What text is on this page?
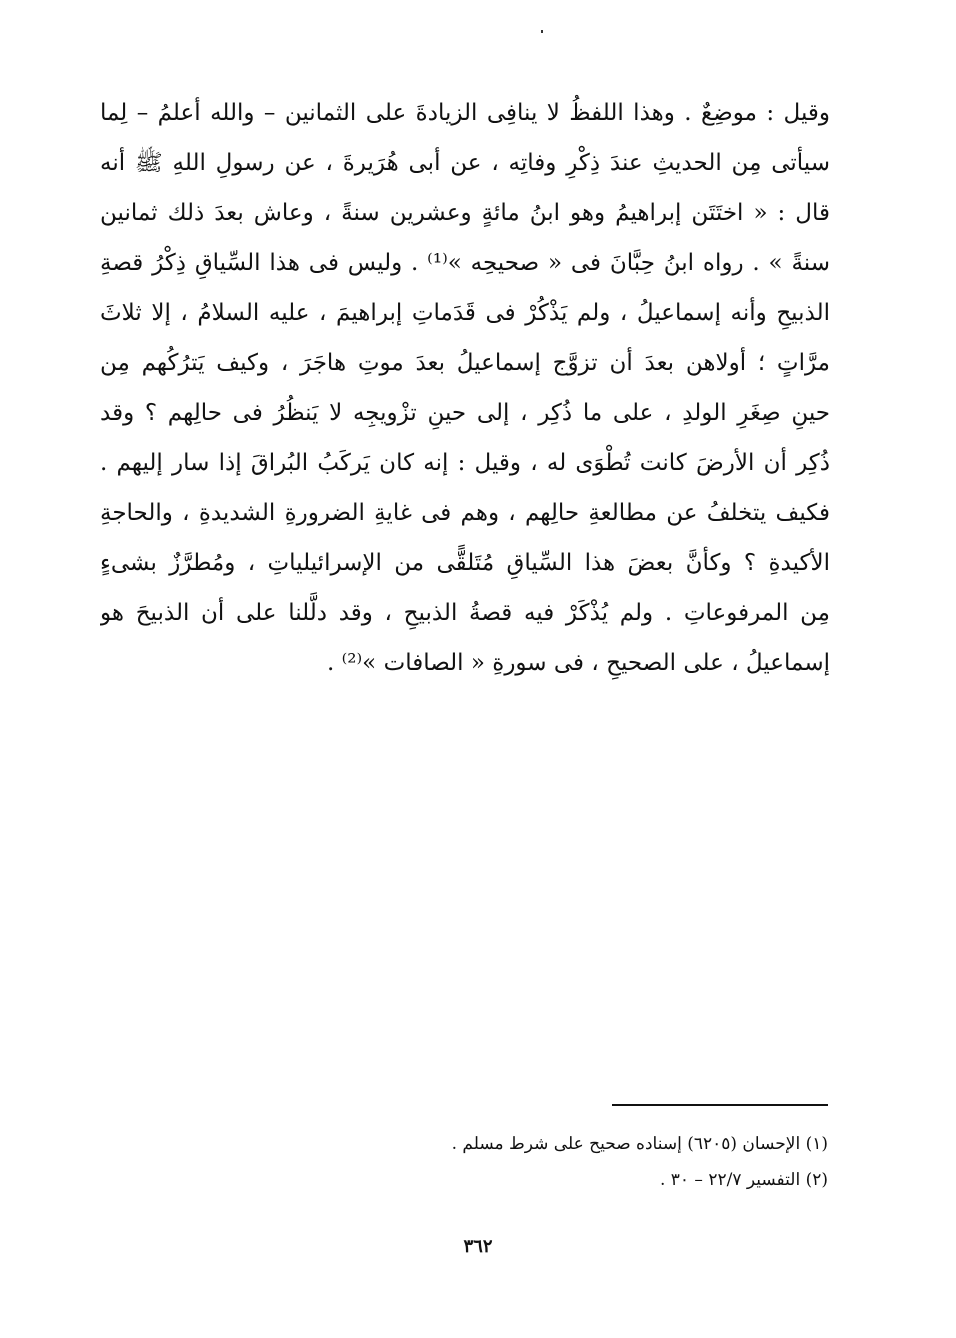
وقيل : موضِعٌ . وهذا اللفظُ لا ينافِى الزيادةَ على الثمانين – والله أعلمُ – لِما
سيأتى مِن الحديثِ عندَ ذِكْرِ وفاتِه ، عن أبى هُرَيرةَ ، عن رسولِ اللهِ ﷺ أنه
قال : « اختَتَن إبراهيمُ وهو ابنُ مائةٍ وعشرين سنةً ، وعاش بعدَ ذلك ثمانين
سنةً » . رواه ابنُ حِبَّانَ فى « صحيحِه »⁽¹⁾ . وليس فى هذا السِّياقِ ذِكْرُ قصةِ
الذبيحِ وأنه إسماعيلُ ، ولم يَذْكُرْ فى قَدَماتِ إبراهيمَ ، عليه السلامُ ، إلا ثلاثَ
مرَّاتٍ ؛ أولاهن بعدَ أن تزوَّج إسماعيلُ بعدَ موتِ هاجَرَ ، وكيف يَترُكُهم مِن
حينِ صِغَرِ الولدِ ، على ما ذُكِر ، إلى حينِ تزْويجِه لا يَنظُرُ فى حالِهم ؟ وقد
ذُكِر أن الأرضَ كانت تُطْوَى له ، وقيل : إنه كان يَركَبُ البُراقَ إذا سار إليهم .
فكيف يتخلفُ عن مطالعةِ حالِهم ، وهم فى غايةِ الضرورةِ الشديدةِ ، والحاجةِ
الأكيدةِ ؟ وكأنَّ بعضَ هذا السِّياقِ مُتَلقًّى من الإسرائيلياتِ ، ومُطرَّزٌ بشىءٍ
مِن المرفوعاتِ . ولم يُذْكَرْ فيه قصةُ الذبيحِ ، وقد دلَّلنا على أن الذبيحَ هو
إسماعيلُ ، على الصحيحِ ، فى سورةِ « الصافات »⁽²⁾ .
(١) الإحسان (٦٢٠٥) إسناده صحيح على شرط مسلم .
(٢) التفسير ٢٢/٧ – ٣٠ .
٣٦٢
